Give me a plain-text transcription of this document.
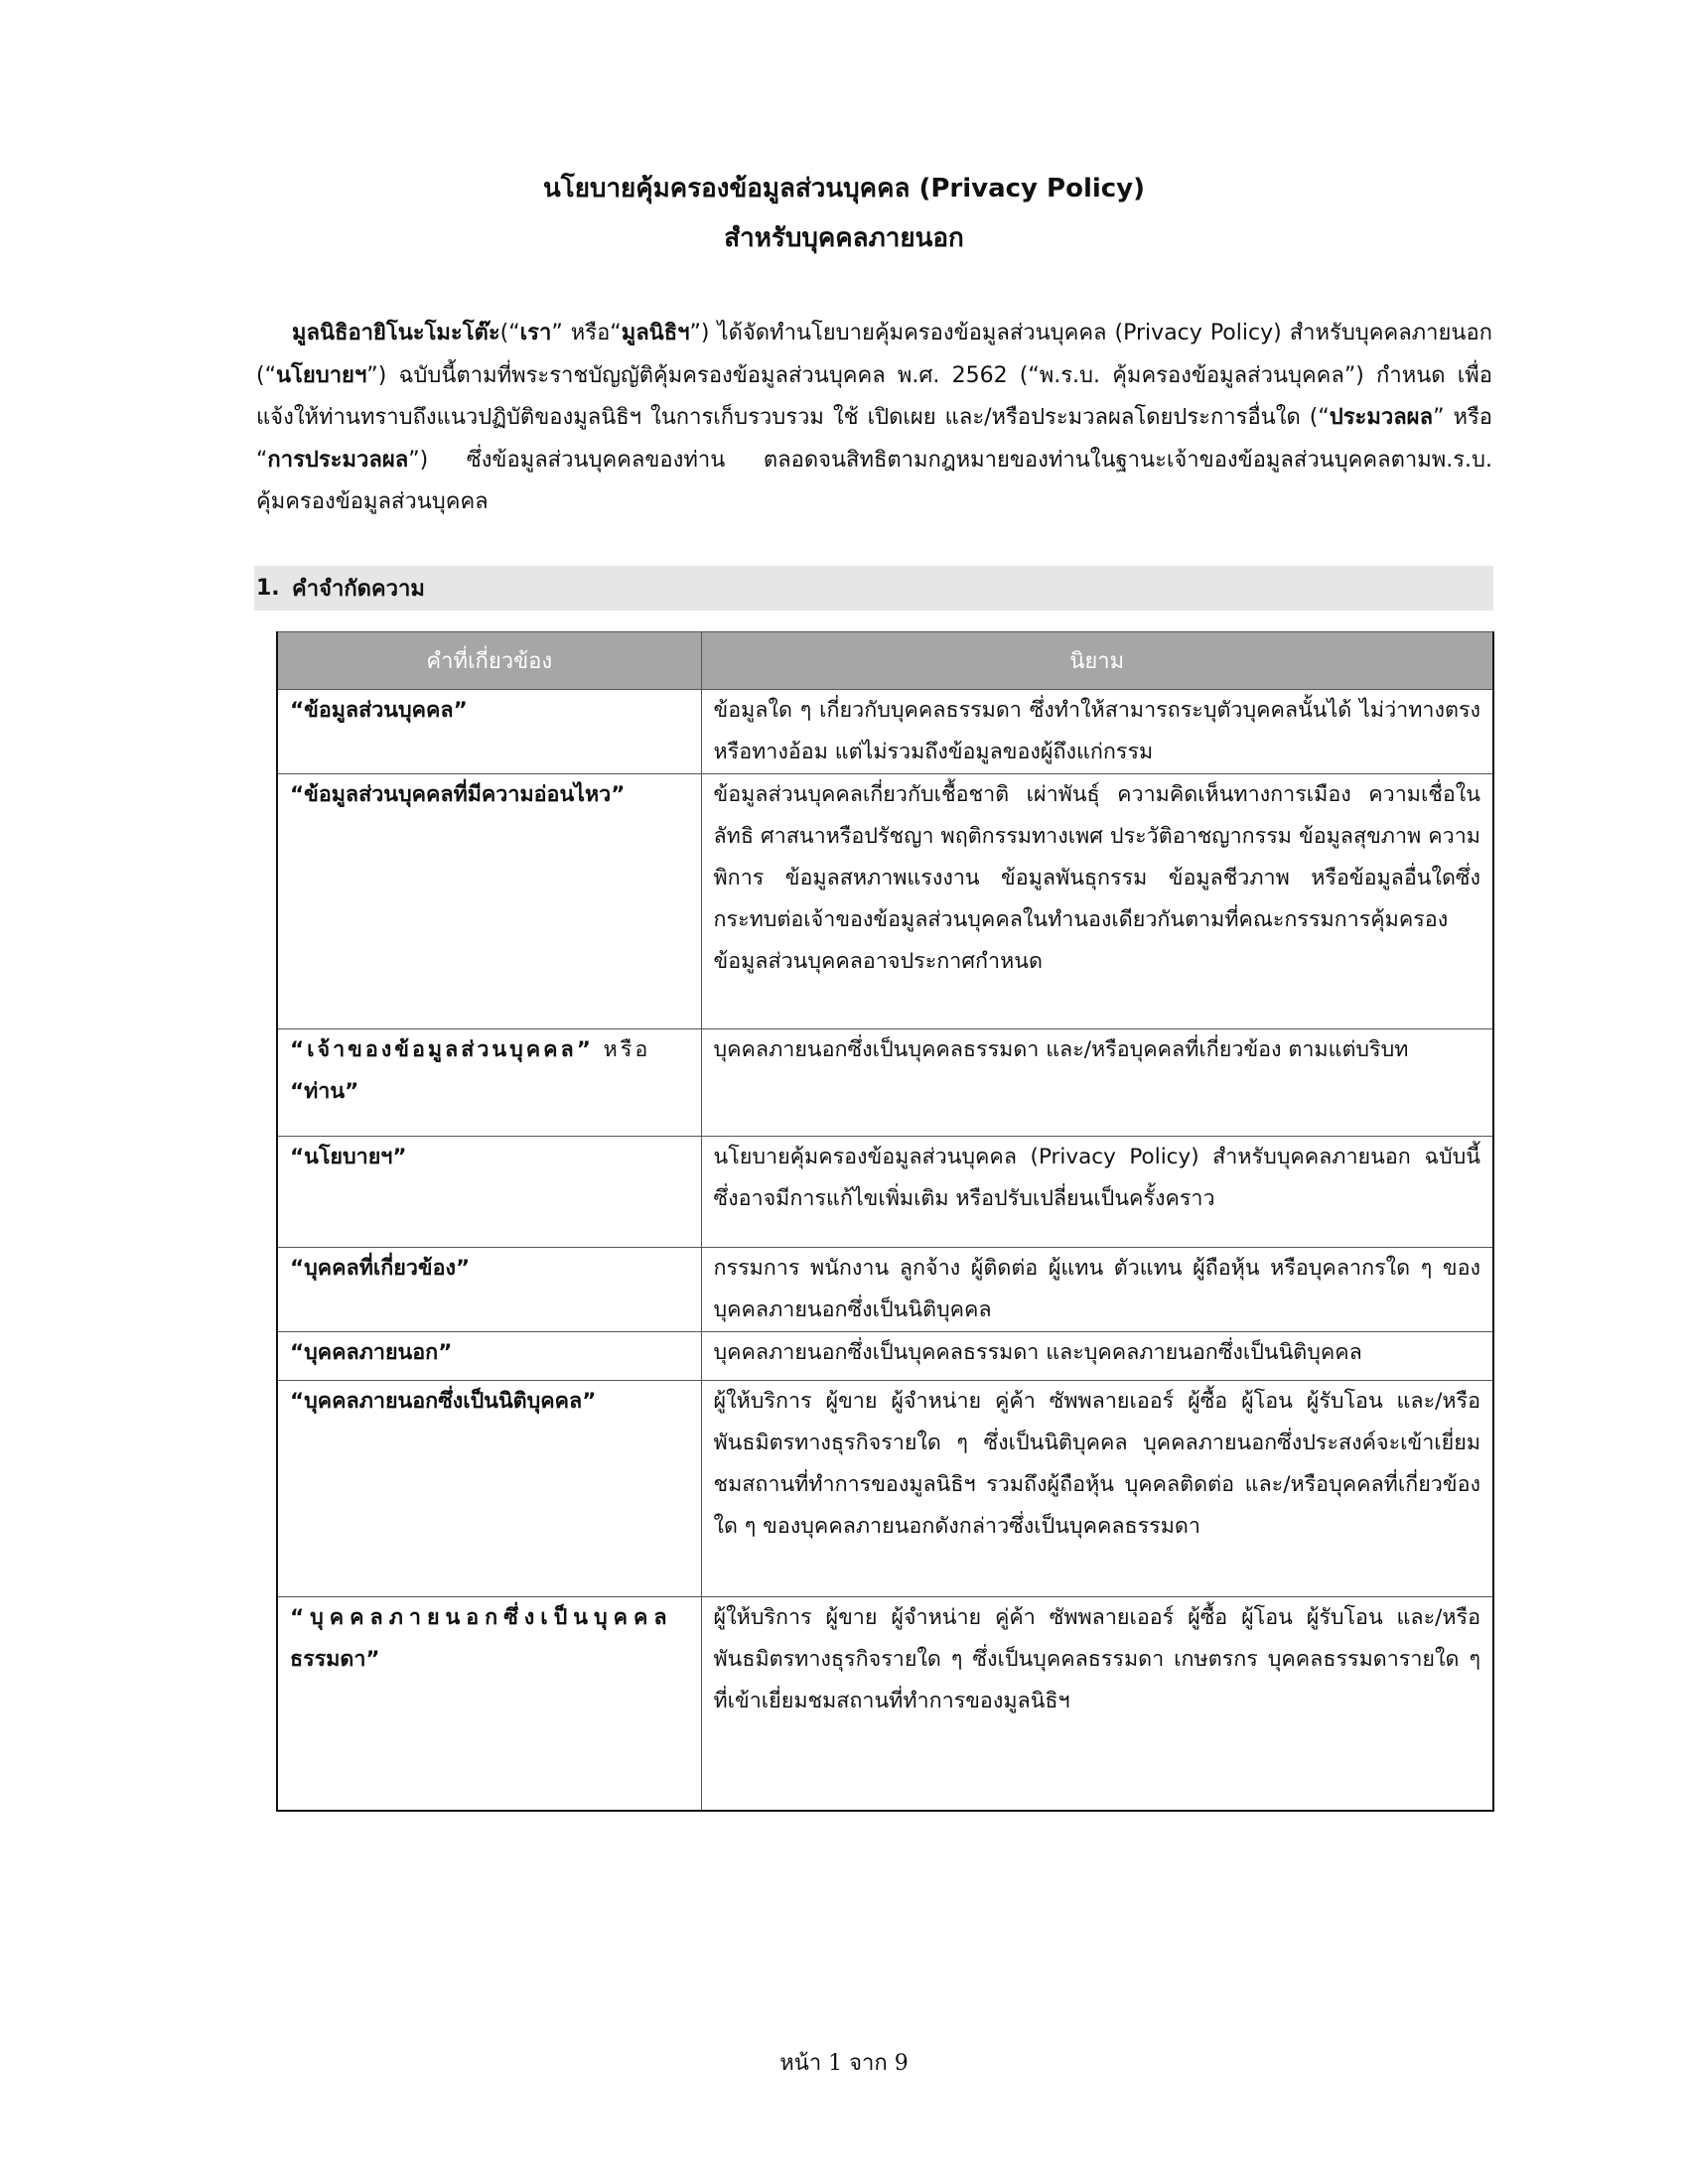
นโยบายคุ้มครองข้อมูลส่วนบุคคล (Privacy Policy)
สำหรับบุคคลภายนอก
มูลนิธิอายิโนะโมะโต๊ะ(“เรา” หรือ“มูลนิธิฯ”) ได้จัดทำนโยบายคุ้มครองข้อมูลส่วนบุคคล (Privacy Policy) สำหรับบุคคลภายนอก (“นโยบายฯ”) ฉบับนี้ตามที่พระราชบัญญัติคุ้มครองข้อมูลส่วนบุคคล พ.ศ. 2562 (“พ.ร.บ. คุ้มครองข้อมูลส่วนบุคคล”) กำหนด เพื่อแจ้งให้ท่านทราบถึงแนวปฏิบัติของมูลนิธิฯ ในการเก็บรวบรวม ใช้ เปิดเผย และ/หรือประมวลผลโดยประการอื่นใด (“ประมวลผล” หรือ “การประมวลผล”) ซึ่งข้อมูลส่วนบุคคลของท่าน ตลอดจนสิทธิตามกฎหมายของท่านในฐานะเจ้าของข้อมูลส่วนบุคคลตามพ.ร.บ. คุ้มครองข้อมูลส่วนบุคคล
1. คำจำกัดความ
คำที่เกี่ยวข้อง	นิยาม
“ข้อมูลส่วนบุคคล”	ข้อมูลใด ๆ เกี่ยวกับบุคคลธรรมดา ซึ่งทำให้สามารถระบุตัวบุคคลนั้นได้ ไม่ว่าทางตรงหรือทางอ้อม แต่ไม่รวมถึงข้อมูลของผู้ถึงแก่กรรม
“ข้อมูลส่วนบุคคลที่มีความอ่อนไหว”	ข้อมูลส่วนบุคคลเกี่ยวกับเชื้อชาติ เผ่าพันธุ์ ความคิดเห็นทางการเมือง ความเชื่อในลัทธิ ศาสนาหรือปรัชญา พฤติกรรมทางเพศ ประวัติอาชญากรรม ข้อมูลสุขภาพ ความพิการ ข้อมูลสหภาพแรงงาน ข้อมูลพันธุกรรม ข้อมูลชีวภาพ หรือข้อมูลอื่นใดซึ่งกระทบต่อเจ้าของข้อมูลส่วนบุคคลในทำนองเดียวกันตามที่คณะกรรมการคุ้มครองข้อมูลส่วนบุคคลอาจประกาศกำหนด
“เจ้าของข้อมูลส่วนบุคคล” หรือ
“ท่าน”	บุคคลภายนอกซึ่งเป็นบุคคลธรรมดา และ/หรือบุคคลที่เกี่ยวข้อง ตามแต่บริบท
“นโยบายฯ”	นโยบายคุ้มครองข้อมูลส่วนบุคคล (Privacy Policy) สำหรับบุคคลภายนอก ฉบับนี้ ซึ่งอาจมีการแก้ไขเพิ่มเติม หรือปรับเปลี่ยนเป็นครั้งคราว
“บุคคลที่เกี่ยวข้อง”	กรรมการ พนักงาน ลูกจ้าง ผู้ติดต่อ ผู้แทน ตัวแทน ผู้ถือหุ้น หรือบุคลากรใด ๆ ของบุคคลภายนอกซึ่งเป็นนิติบุคคล
“บุคคลภายนอก”	บุคคลภายนอกซึ่งเป็นบุคคลธรรมดา และบุคคลภายนอกซึ่งเป็นนิติบุคคล
“บุคคลภายนอกซึ่งเป็นนิติบุคคล”	ผู้ให้บริการ ผู้ขาย ผู้จำหน่าย คู่ค้า ซัพพลายเออร์ ผู้ซื้อ ผู้โอน ผู้รับโอน และ/หรือพันธมิตรทางธุรกิจรายใด ๆ ซึ่งเป็นนิติบุคคล บุคคลภายนอกซึ่งประสงค์จะเข้าเยี่ยมชมสถานที่ทำการของมูลนิธิฯ รวมถึงผู้ถือหุ้น บุคคลติดต่อ และ/หรือบุคคลที่เกี่ยวข้องใด ๆ ของบุคคลภายนอกดังกล่าวซึ่งเป็นบุคคลธรรมดา
“บุคคลภายนอกซึ่งเป็นบุคคล
ธรรมดา”	ผู้ให้บริการ ผู้ขาย ผู้จำหน่าย คู่ค้า ซัพพลายเออร์ ผู้ซื้อ ผู้โอน ผู้รับโอน และ/หรือพันธมิตรทางธุรกิจรายใด ๆ ซึ่งเป็นบุคคลธรรมดา เกษตรกร บุคคลธรรมดารายใด ๆ ที่เข้าเยี่ยมชมสถานที่ทำการของมูลนิธิฯ
หน้า 1 จาก 9
